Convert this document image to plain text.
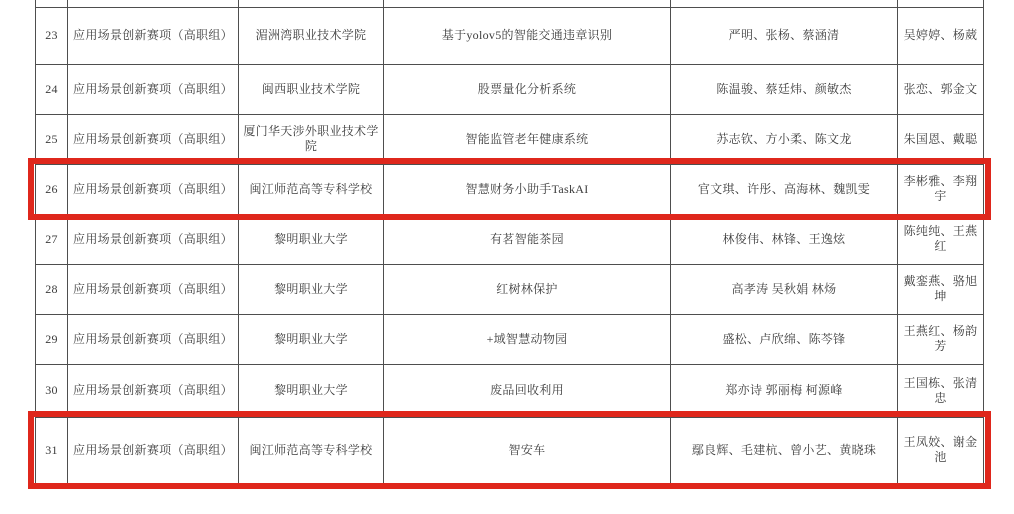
23	应用场景创新赛项（高职组）	湄洲湾职业技术学院	基于yolov5的智能交通违章识别	严明、张杨、蔡涵清	吴婷婷、杨葳
24	应用场景创新赛项（高职组）	闽西职业技术学院	股票量化分析系统	陈温骏、蔡廷炜、颜敏杰	张恋、郭金文
25	应用场景创新赛项（高职组）	厦门华天涉外职业技术学院	智能监管老年健康系统	苏志钦、方小柔、陈文龙	朱国恩、戴聪
26	应用场景创新赛项（高职组）	闽江师范高等专科学校	智慧财务小助手TaskAI	官文琪、许彤、高海林、魏凯雯	李彬雅、李翔宇
27	应用场景创新赛项（高职组）	黎明职业大学	有茗智能茶园	林俊伟、林锋、王逸炫	陈纯纯、王燕红
28	应用场景创新赛项（高职组）	黎明职业大学	红树林保护	高孝涛 吴秋娟 林炀	戴銮燕、骆旭坤
29	应用场景创新赛项（高职组）	黎明职业大学	+域智慧动物园	盛松、卢欣绵、陈芩锋	王燕红、杨韵芳
30	应用场景创新赛项（高职组）	黎明职业大学	废品回收利用	郑亦诗 郭丽梅 柯源峰	王国栋、张清忠
31	应用场景创新赛项（高职组）	闽江师范高等专科学校	智安车	鄢良辉、毛建杭、曾小艺、黄晓珠	王凤姣、谢金池
